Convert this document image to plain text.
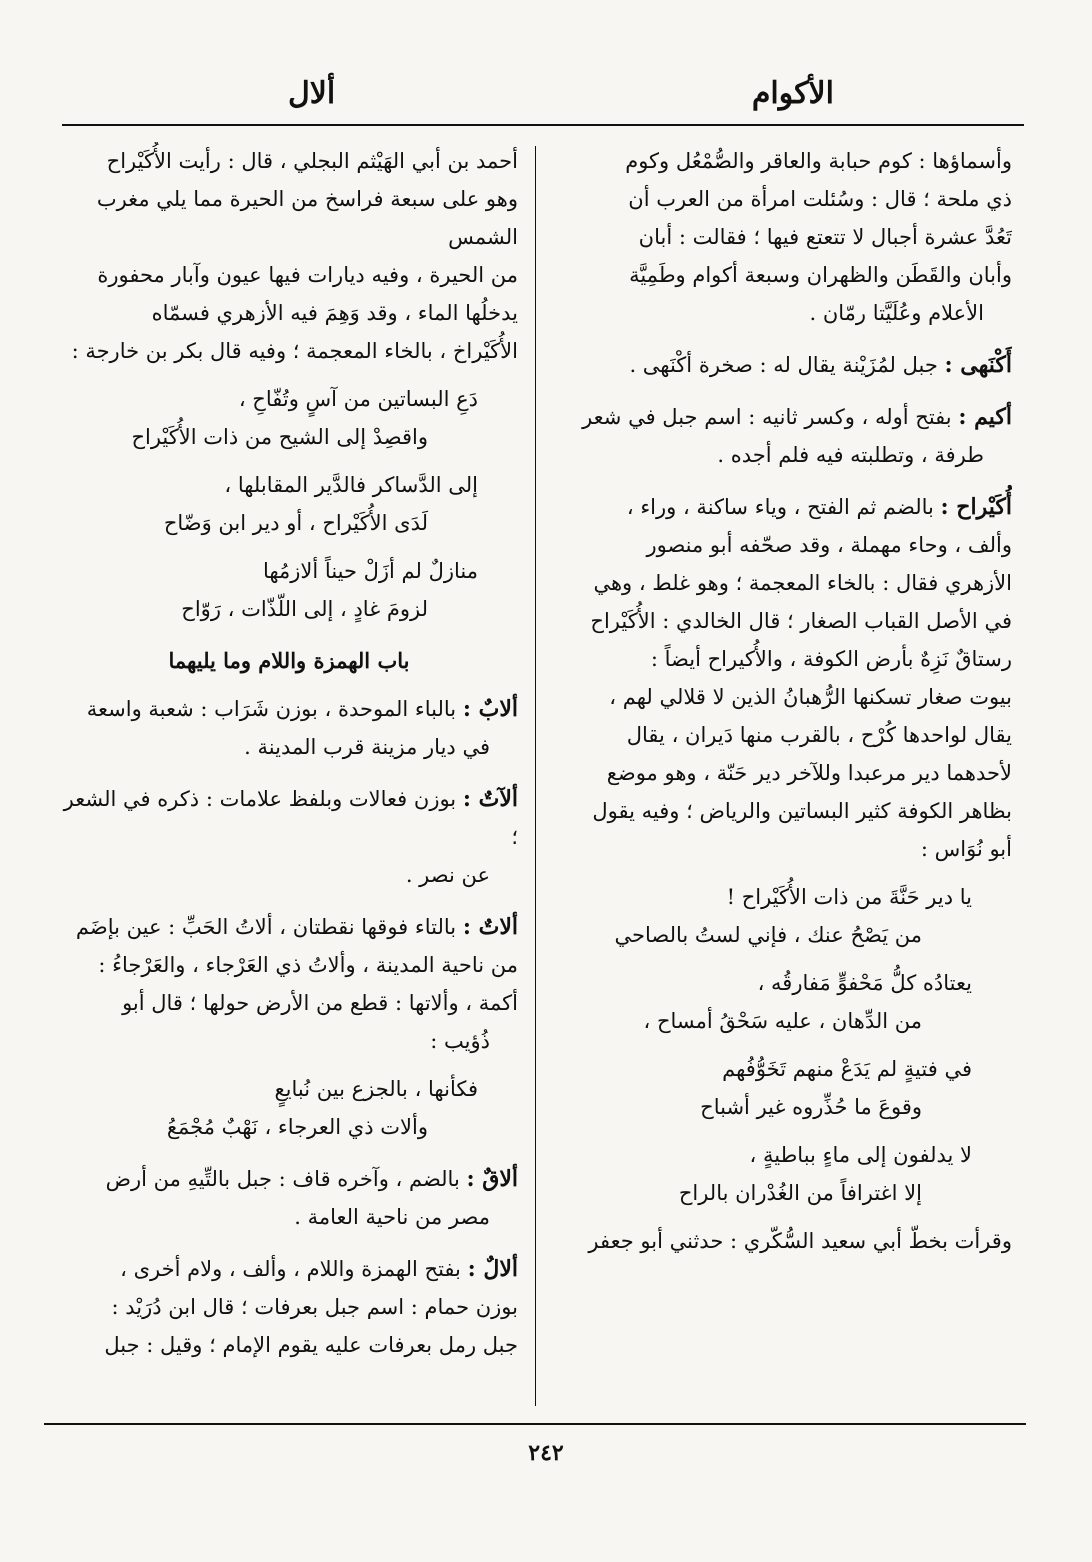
الأكوام
ألال

وأسماؤها : كوم حبابة والعاقر والصُّمْعُل وكوم
ذي ملحة ؛ قال : وسُئلت امرأة من العرب أن
تَعُدَّ عشرة أجبال لا تتعتع فيها ؛ فقالت : أبان
وأبان والقَطَن والظهران وسبعة أكوام وطَمِيَّة
الأعلام وعُلَيَّتا رمّان .

أَكْنَهى : جبل لمُزَيْنة يقال له : صخرة أكْنَهى .

أكيم : بفتح أوله ، وكسر ثانيه : اسم جبل في شعر
طرفة ، وتطلبته فيه فلم أجده .

أُكَيْراح : بالضم ثم الفتح ، وياء ساكنة ، وراء ،
وألف ، وحاء مهملة ، وقد صحّفه أبو منصور
الأزهري فقال : بالخاء المعجمة ؛ وهو غلط ، وهي
في الأصل القباب الصغار ؛ قال الخالدي : الأُكَيْراح
رستاقٌ نَزِهٌ بأرض الكوفة ، والأُكيراح أيضاً :
بيوت صغار تسكنها الرُّهبانُ الذين لا قلالي لهم ،
يقال لواحدها كُرْح ، بالقرب منها دَيران ، يقال
لأحدهما دير مرعبدا وللآخر دير حَنّة ، وهو موضع
بظاهر الكوفة كثير البساتين والرياض ؛ وفيه يقول
أبو نُوَاس :

يا دير حَنَّةَ من ذات الأُكَيْراح !
من يَصْحُ عنك ، فإني لستُ بالصاحي
يعتادُه كلُّ مَحْفوٍّ مَفارقُه ،
من الدِّهان ، عليه سَحْقُ أمساح ،
في فتيةٍ لم يَدَعْ منهم تَخَوُّفُهم
وقوعَ ما حُذِّروه غير أشباح
لا يدلفون إلى ماءٍ بباطيةٍ ،
إلا اغترافاً من الغُدْران بالراح

وقرأت بخطّ أبي سعيد السُّكّري : حدثني أبو جعفر

أحمد بن أبي الهَيْثم البجلي ، قال : رأيت الأُكَيْراح
وهو على سبعة فراسخ من الحيرة مما يلي مغرب الشمس
من الحيرة ، وفيه ديارات فيها عيون وآبار محفورة
يدخلُها الماء ، وقد وَهِمَ فيه الأزهري فسمّاه
الأُكَيْراخ ، بالخاء المعجمة ؛ وفيه قال بكر بن خارجة :

دَعِ البساتين من آسٍ وتُفّاحِ ،
واقصِدْ إلى الشيح من ذات الأُكَيْراح
إلى الدَّساكر فالدَّير المقابلها ،
لَدَى الأُكَيْراح ، أو دير ابن وَضّاح
منازلٌ لم أزَلْ حيناً ألازمُها
لزومَ غادٍ ، إلى اللّذّات ، رَوّاح
باب الهمزة واللام وما يليهما

ألابٌ : بالباء الموحدة ، بوزن شَرَاب : شعبة واسعة
في ديار مزينة قرب المدينة .

ألآتٌ : بوزن فعالات وبلفظ علامات : ذكره في الشعر ؛
عن نصر .

ألاتٌ : بالتاء فوقها نقطتان ، ألاتُ الحَبِّ : عين بإضَم
من ناحية المدينة ، وألاتُ ذي العَرْجاء ، والعَرْجاءُ :
أكمة ، وألاتها : قطع من الأرض حولها ؛ قال أبو
ذُؤيب :

فكأنها ، بالجزع بين نُبايعٍ
وألات ذي العرجاء ، نَهْبٌ مُجْمَعُ

ألاقٌ : بالضم ، وآخره قاف : جبل بالتِّيهِ من أرض
مصر من ناحية العامة .

ألالٌ : بفتح الهمزة واللام ، وألف ، ولام أخرى ،
بوزن حمام : اسم جبل بعرفات ؛ قال ابن دُرَيْد :
جبل رمل بعرفات عليه يقوم الإمام ؛ وقيل : جبل

٢٤٢
